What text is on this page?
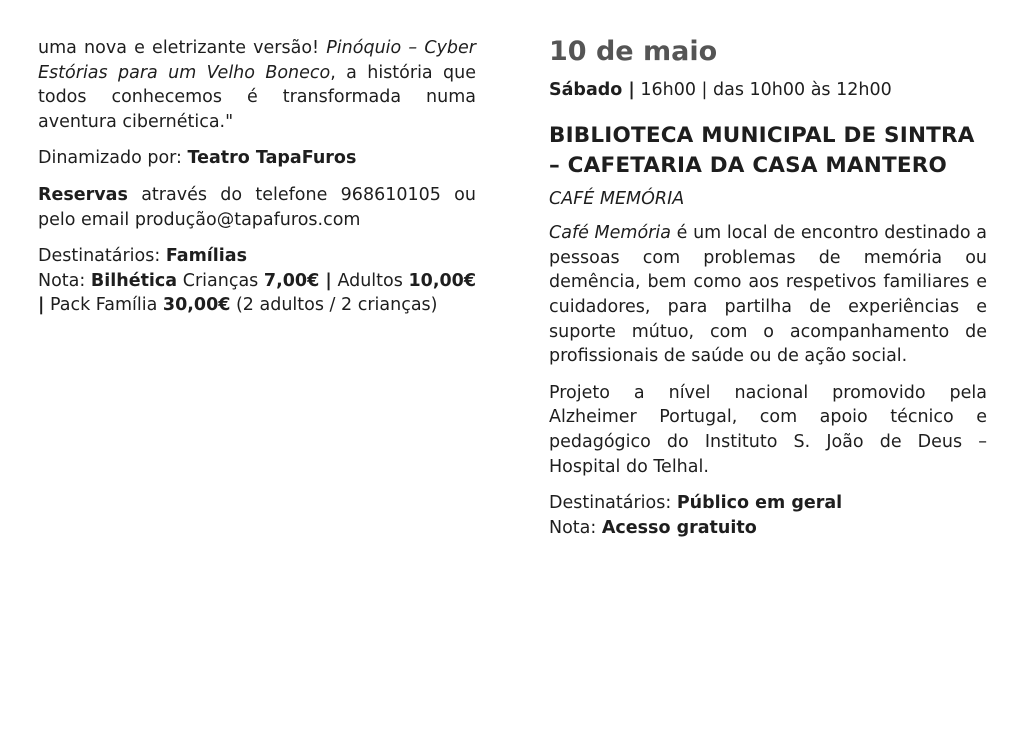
uma nova e eletrizante versão! Pinóquio – Cyber Estórias para um Velho Boneco, a história que todos conhecemos é transformada numa aventura cibernética."

Dinamizado por: Teatro TapaFuros

Reservas através do telefone 968610105 ou pelo email produção@tapafuros.com

Destinatários: Famílias

Nota: Bilhética Crianças 7,00€ | Adultos 10,00€ | Pack Família 30,00€ (2 adultos / 2 crianças)

10 de maio

Sábado | 16h00 | das 10h00 às 12h00

BIBLIOTECA MUNICIPAL DE SINTRA – CAFETARIA DA CASA MANTERO

CAFÉ MEMÓRIA

Café Memória é um local de encontro destinado a pessoas com problemas de memória ou demência, bem como aos respetivos familiares e cuidadores, para partilha de experiências e suporte mútuo, com o acompanhamento de profissionais de saúde ou de ação social.

Projeto a nível nacional promovido pela Alzheimer Portugal, com apoio técnico e pedagógico do Instituto S. João de Deus – Hospital do Telhal.

Destinatários: Público em geral

Nota: Acesso gratuito
